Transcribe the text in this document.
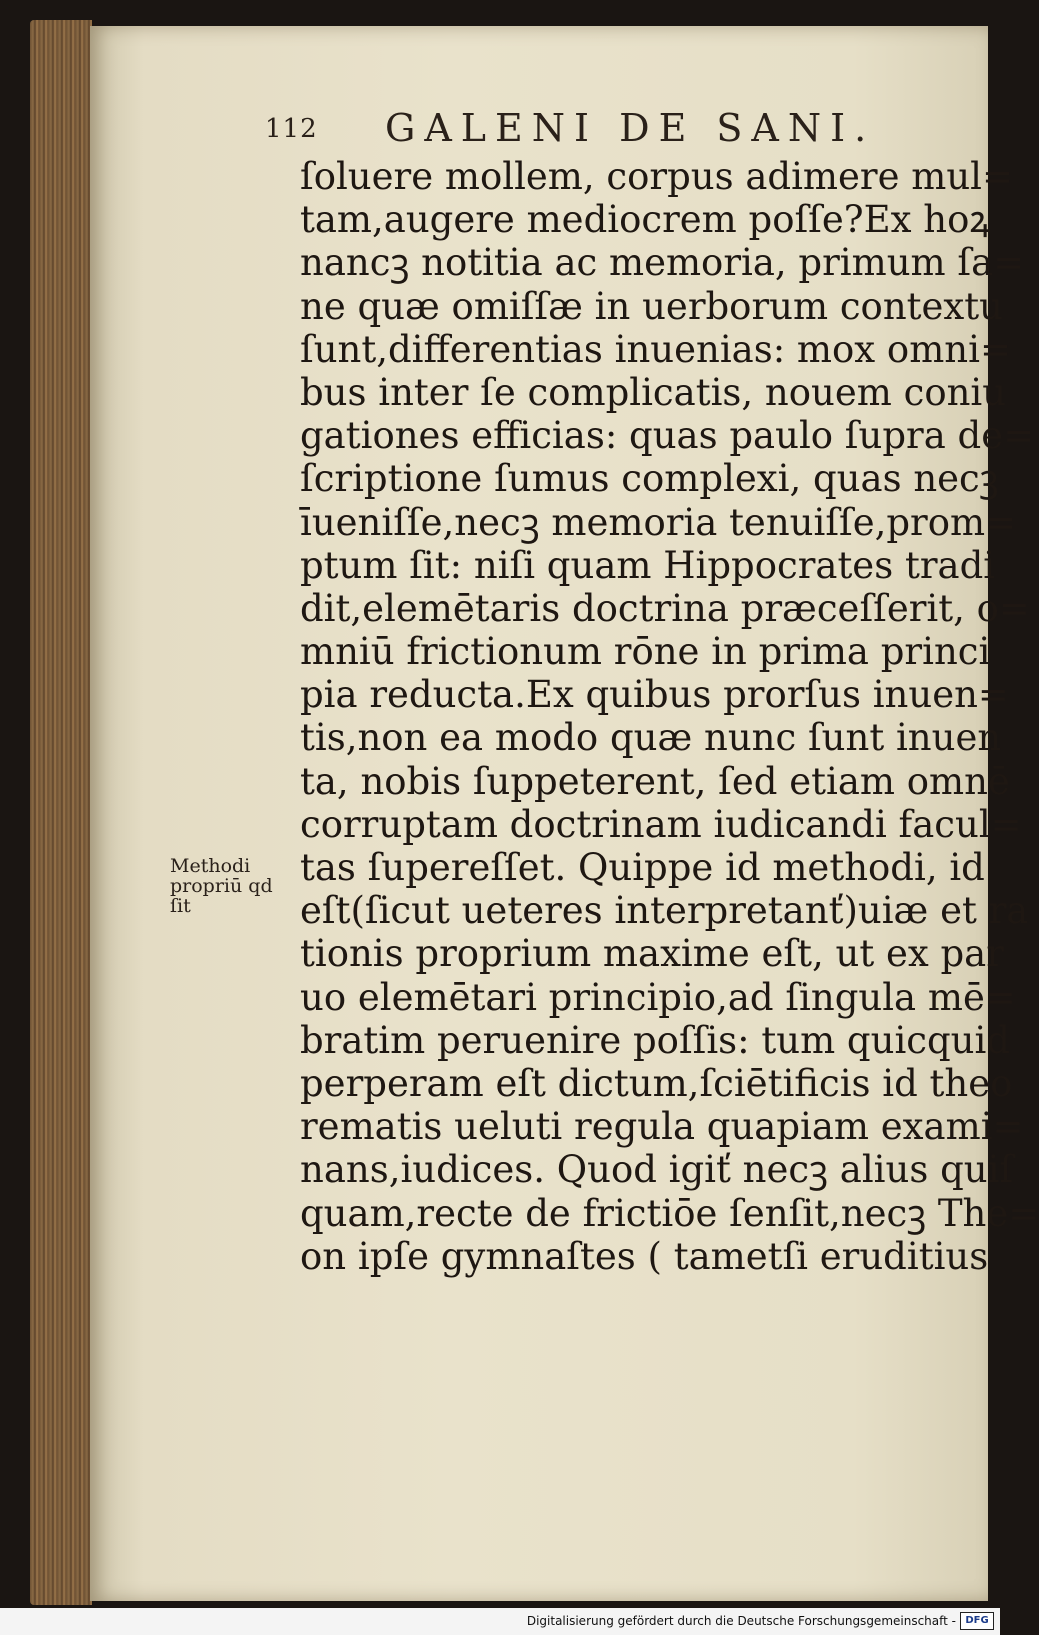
112 GALENI DE SANI.
ſoluere mollem, corpus adimere mul=
tam,augere mediocrem poſſe?Ex hoꝝ
nancꝫ notitia ac memoria, primum ſa=
ne quæ omiſſæ in uerborum contextu
ſunt,differentias inuenias: mox omni=
bus inter ſe complicatis, nouem coniu
gationes efficias: quas paulo ſupra de=
ſcriptione ſumus complexi, quas necꝫ
īueniſſe,necꝫ memoria tenuiſſe,prom=
ptum ſit: niſi quam Hippocrates tradi
dit,elemētaris doctrina præceſſerit, o=
mniū frictionum rōne in prima princi
pia reducta.Ex quibus prorſus inuen=
tis,non ea modo quæ nunc ſunt inuen
ta, nobis ſuppeterent, ſed etiam omnē
corruptam doctrinam iudicandi facul=
tas ſupereſſet. Quippe id methodi, id
eſt(ſicut ueteres interpretanť)uiæ et ra
tionis proprium maxime eſt, ut ex par
uo elemētari principio,ad ſingula mē=
bratim peruenire poſſis: tum quicquid
perperam eſt dictum,ſciētificis id theo
rematis ueluti regula quapiam exami=
nans,iudices. Quod igiť necꝫ alius quiſ
quam,recte de frictiōe ſenſit,necꝫ The=
on ipſe gymnaſtes ( tametſi eruditius
Methodi
propriū qd
ſit
Digitalisierung gefördert durch die Deutsche Forschungsgemeinschaft - DFG
